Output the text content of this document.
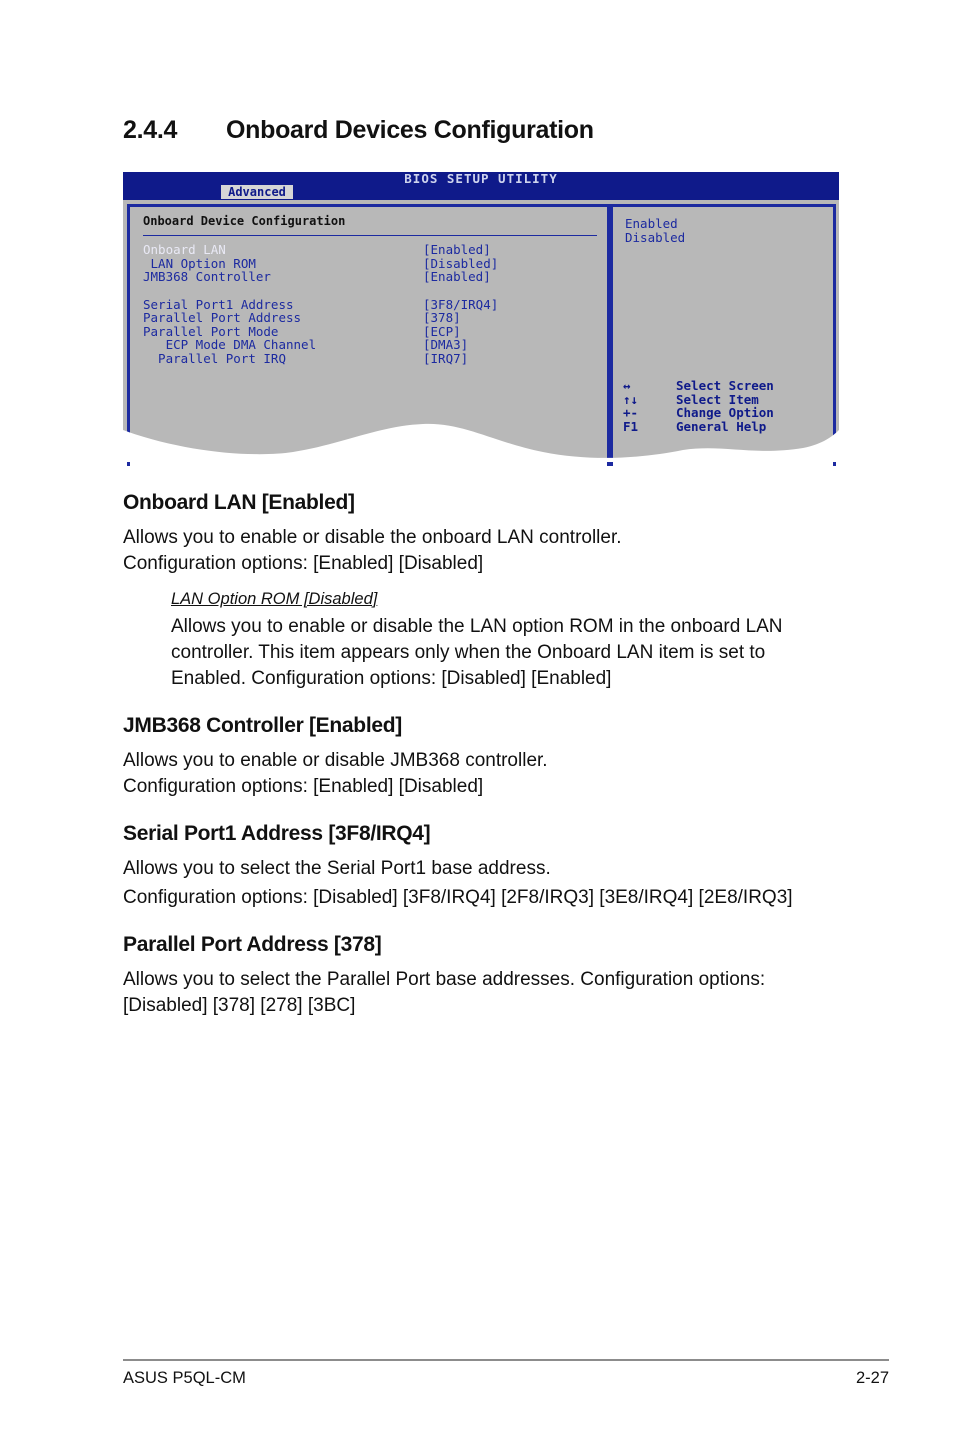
2.4.4 Onboard Devices Configuration
BIOS SETUP UTILITY
Advanced
Onboard Device Configuration
Onboard LAN	[Enabled]
LAN Option ROM	[Disabled]
JMB368 Controller	[Enabled]
Serial Port1 Address	[3F8/IRQ4]
Parallel Port Address	[378]
Parallel Port Mode	[ECP]
ECP Mode DMA Channel	[DMA3]
Parallel Port IRQ	[IRQ7]
Enabled
Disabled
↔	Select Screen
↑↓	Select Item
+-	Change Option
F1	General Help
Onboard LAN [Enabled]

Allows you to enable or disable the onboard LAN controller.

Configuration options: [Enabled] [Disabled]

LAN Option ROM [Disabled]

Allows you to enable or disable the LAN option ROM in the onboard LAN

controller. This item appears only when the Onboard LAN item is set to

Enabled. Configuration options: [Disabled] [Enabled]

JMB368 Controller [Enabled]

Allows you to enable or disable JMB368 controller.

Configuration options: [Enabled] [Disabled]

Serial Port1 Address [3F8/IRQ4]

Allows you to select the Serial Port1 base address.

Configuration options: [Disabled] [3F8/IRQ4] [2F8/IRQ3] [3E8/IRQ4] [2E8/IRQ3]

Parallel Port Address [378]

Allows you to select the Parallel Port base addresses. Configuration options:

[Disabled] [378] [278] [3BC]

ASUS P5QL-CM	2-27
